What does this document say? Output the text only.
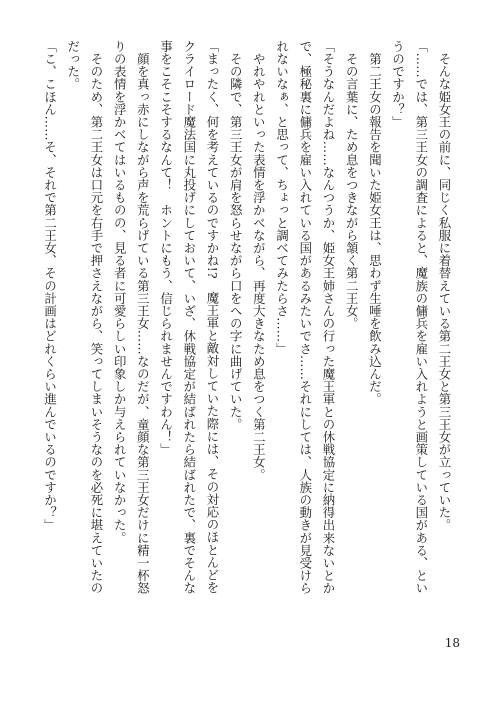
　そんな姫女王の前に、同じく私服に着替えている第二王女と第三王女が立っていた。
「……では、第三王女の調査によると、魔族の傭兵を雇い入れようと画策している国がある、とい
うのですか？」
　第二王女の報告を聞いた姫女王は、思わず生唾を飲み込んだ。
　その言葉に、ため息をつきながら頷く第二王女。
「そうなんだよね……なんつうか、姫女王姉さんの行った魔王軍との休戦協定に納得出来ないとか
で、極秘裏に傭兵を雇い入れている国があるみたいでさ……それにしては、人族の動きが見受けら
れないなぁ、と思って、ちょっと調べてみたらさ……」
　やれやれといった表情を浮かべながら、再度大きなため息をつく第二王女。
　その隣で、第三王女が肩を怒らせながら口をへの字に曲げていた。
「まったく、何を考えているのですかね!?　魔王軍と敵対していた際には、その対応のほとんどを
クライロード魔法国に丸投げにしておいて、いざ、休戦協定が結ばれたら結ばれたで、裏でそんな
事をこそこそするなんて！　ホントにもう、信じられませんですわん！」
　顔を真っ赤にしながら声を荒らげている第三王女……なのだが、童顔な第三王女だけに精一杯怒
りの表情を浮かべてはいるものの、見る者に可愛らしい印象しか与えられていなかった。
　そのため、第二王女は口元を右手で押さえながら、笑ってしまいそうなのを必死に堪えていたの
だった。
「こ、こほん……そ、それで第二王女、その計画はどれくらい進んでいるのですか？」
18
